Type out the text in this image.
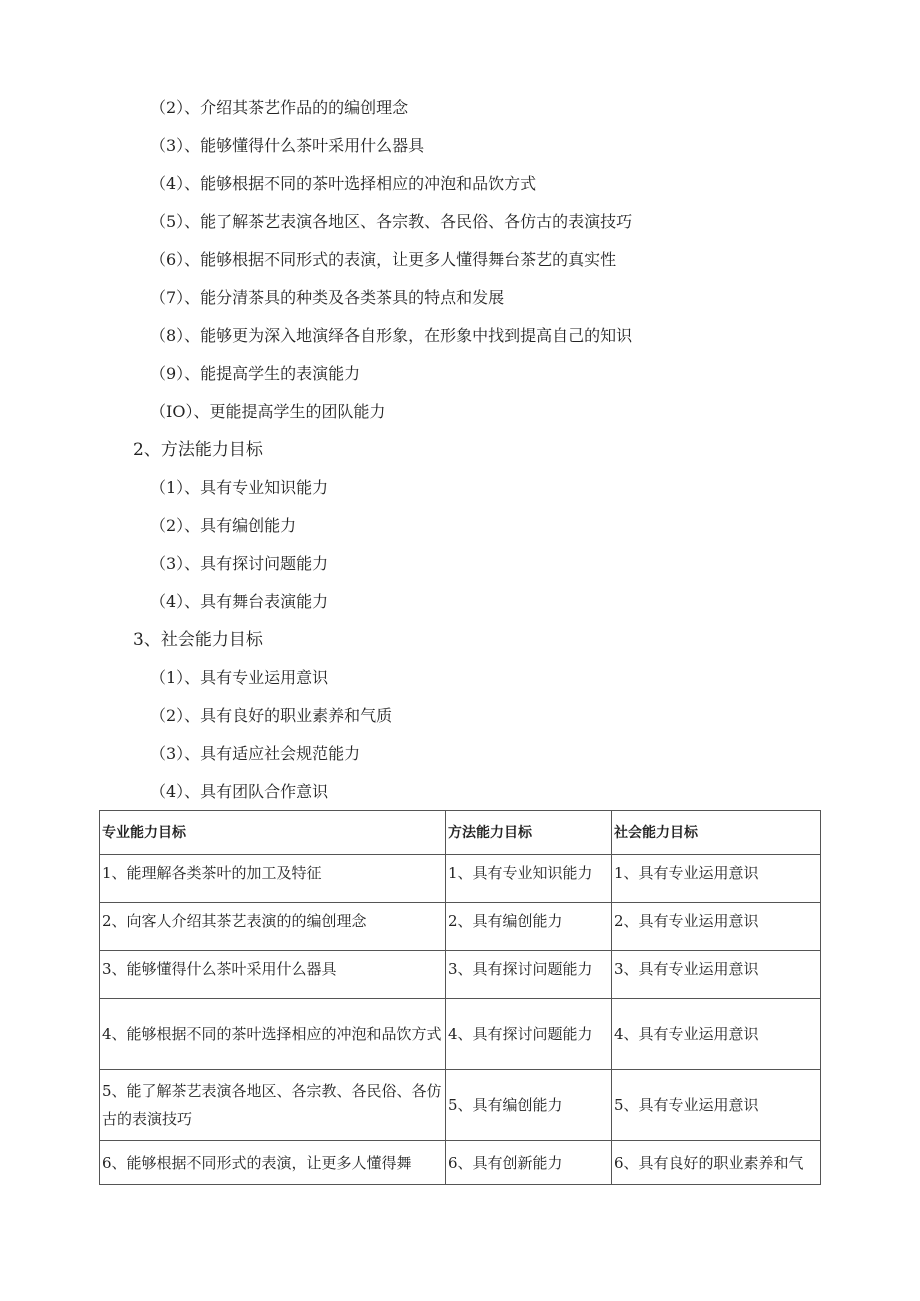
（2）、介绍其茶艺作品的的编创理念
（3）、能够懂得什么茶叶采用什么器具
（4）、能够根据不同的茶叶选择相应的冲泡和品饮方式
（5）、能了解茶艺表演各地区、各宗教、各民俗、各仿古的表演技巧
（6）、能够根据不同形式的表演，让更多人懂得舞台茶艺的真实性
（7）、能分清茶具的种类及各类茶具的特点和发展
（8）、能够更为深入地演绎各自形象，在形象中找到提高自己的知识
（9）、能提高学生的表演能力
（IO）、更能提高学生的团队能力
2、方法能力目标
（1）、具有专业知识能力
（2）、具有编创能力
（3）、具有探讨问题能力
（4）、具有舞台表演能力
3、社会能力目标
（1）、具有专业运用意识
（2）、具有良好的职业素养和气质
（3）、具有适应社会规范能力
（4）、具有团队合作意识
专业能力目标	方法能力目标	社会能力目标
1、能理解各类茶叶的加工及特征	1、具有专业知识能力	1、具有专业运用意识
2、向客人介绍其茶艺表演的的编创理念	2、具有编创能力	2、具有专业运用意识
3、能够懂得什么茶叶采用什么器具	3、具有探讨问题能力	3、具有专业运用意识
4、能够根据不同的茶叶选择相应的冲泡和品饮方式	4、具有探讨问题能力	4、具有专业运用意识
5、能了解茶艺表演各地区、各宗教、各民俗、各仿古的表演技巧	5、具有编创能力	5、具有专业运用意识
6、能够根据不同形式的表演，让更多人懂得舞	6、具有创新能力	6、具有良好的职业素养和气
